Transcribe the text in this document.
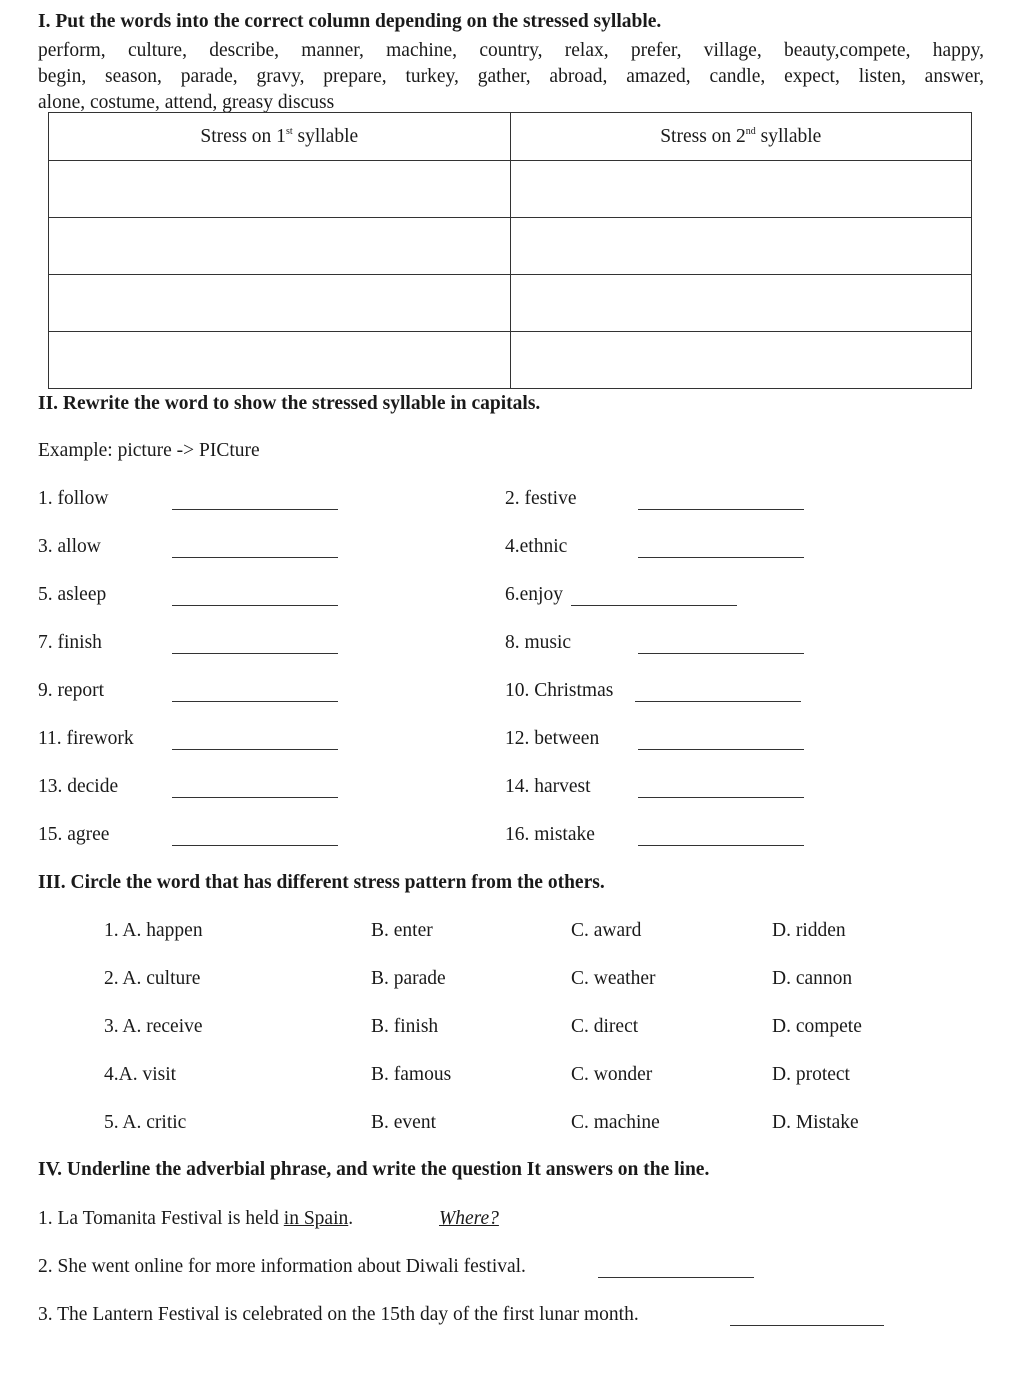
I. Put the words into the correct column depending on the stressed syllable.
perform, culture, describe, manner, machine, country, relax, prefer, village, beauty,compete, happy,
begin, season, parade, gravy, prepare, turkey, gather, abroad, amazed, candle, expect, listen, answer,
alone, costume, attend, greasy discuss
Stress on 1st syllable	Stress on 2nd syllable

II. Rewrite the word to show the stressed syllable in capitals.
Example: picture -> PICture
1. follow	2. festive
3. allow	4.ethnic
5. asleep	6.enjoy
7. finish	8. music
9. report	10. Christmas
11. firework	12. between
13. decide	14. harvest
15. agree	16. mistake
III. Circle the word that has different stress pattern from the others.
1. A. happen	B. enter	C. award	D. ridden
2. A. culture	B. parade	C. weather	D. cannon
3. A. receive	B. finish	C. direct	D. compete
4.A. visit	B. famous	C. wonder	D. protect
5. A. critic	B. event	C. machine	D. Mistake
IV. Underline the adverbial phrase, and write the question It answers on the line.
1. La Tomanita Festival is held in Spain.	Where?
2. She went online for more information about Diwali festival.
3. The Lantern Festival is celebrated on the 15th day of the first lunar month.
